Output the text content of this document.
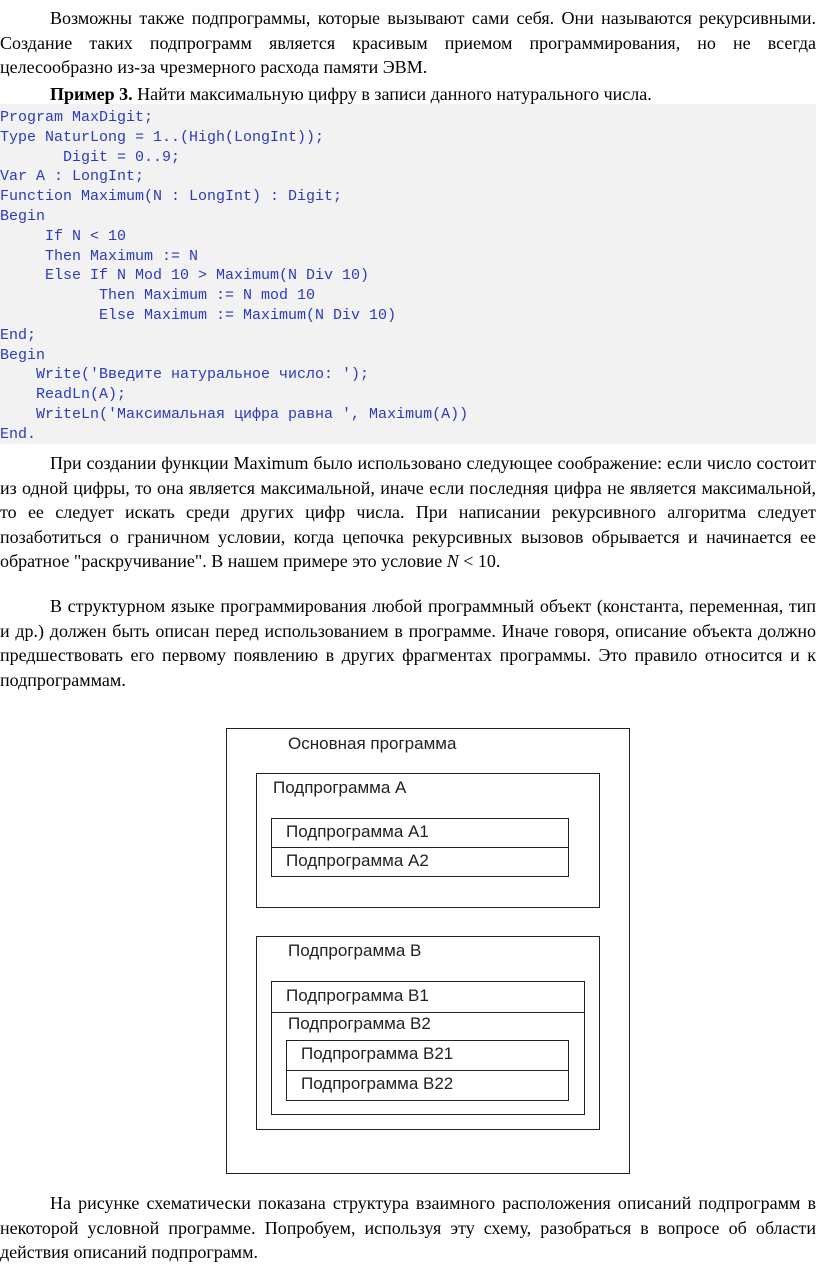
Возможны также подпрограммы, которые вызывают сами себя. Они называются рекурсивными. Создание таких подпрограмм является красивым приемом программирования, но не всегда целесообразно из-за чрезмерного расхода памяти ЭВМ.

Пример 3. Найти максимальную цифру в записи данного натурального числа.
Program MaxDigit;
Type NaturLong = 1..(High(LongInt));
Digit = 0..9;
Var A : LongInt;
Function Maximum(N : LongInt) : Digit;
Begin
If N < 10
Then Maximum := N
Else If N Mod 10 > Maximum(N Div 10)
Then Maximum := N mod 10
Else Maximum := Maximum(N Div 10)
End;
Begin
Write('Введите натуральное число: ');
ReadLn(A);
WriteLn('Максимальная цифра равна ', Maximum(A))
End.

При создании функции Maximum было использовано следующее соображение: если число состоит из одной цифры, то она является максимальной, иначе если последняя цифра не является максимальной, то ее следует искать среди других цифр числа. При написании рекурсивного алгоритма следует позаботиться о граничном условии, когда цепочка рекурсивных вызовов обрывается и начинается ее обратное "раскручивание". В нашем примере это условие N < 10.

В структурном языке программирования любой программный объект (константа, переменная, тип и др.) должен быть описан перед использованием в программе. Иначе говоря, описание объекта должно предшествовать его первому появлению в других фрагментах программы. Это правило относится и к подпрограммам.

Основная программа
Подпрограмма A
Подпрограмма A1
Подпрограмма A2
Подпрограмма B
Подпрограмма B1
Подпрограмма B2
Подпрограмма B21
Подпрограмма B22

На рисунке схематически показана структура взаимного расположения описаний подпрограмм в некоторой условной программе. Попробуем, используя эту схему, разобраться в вопросе об области действия описаний подпрограмм.
